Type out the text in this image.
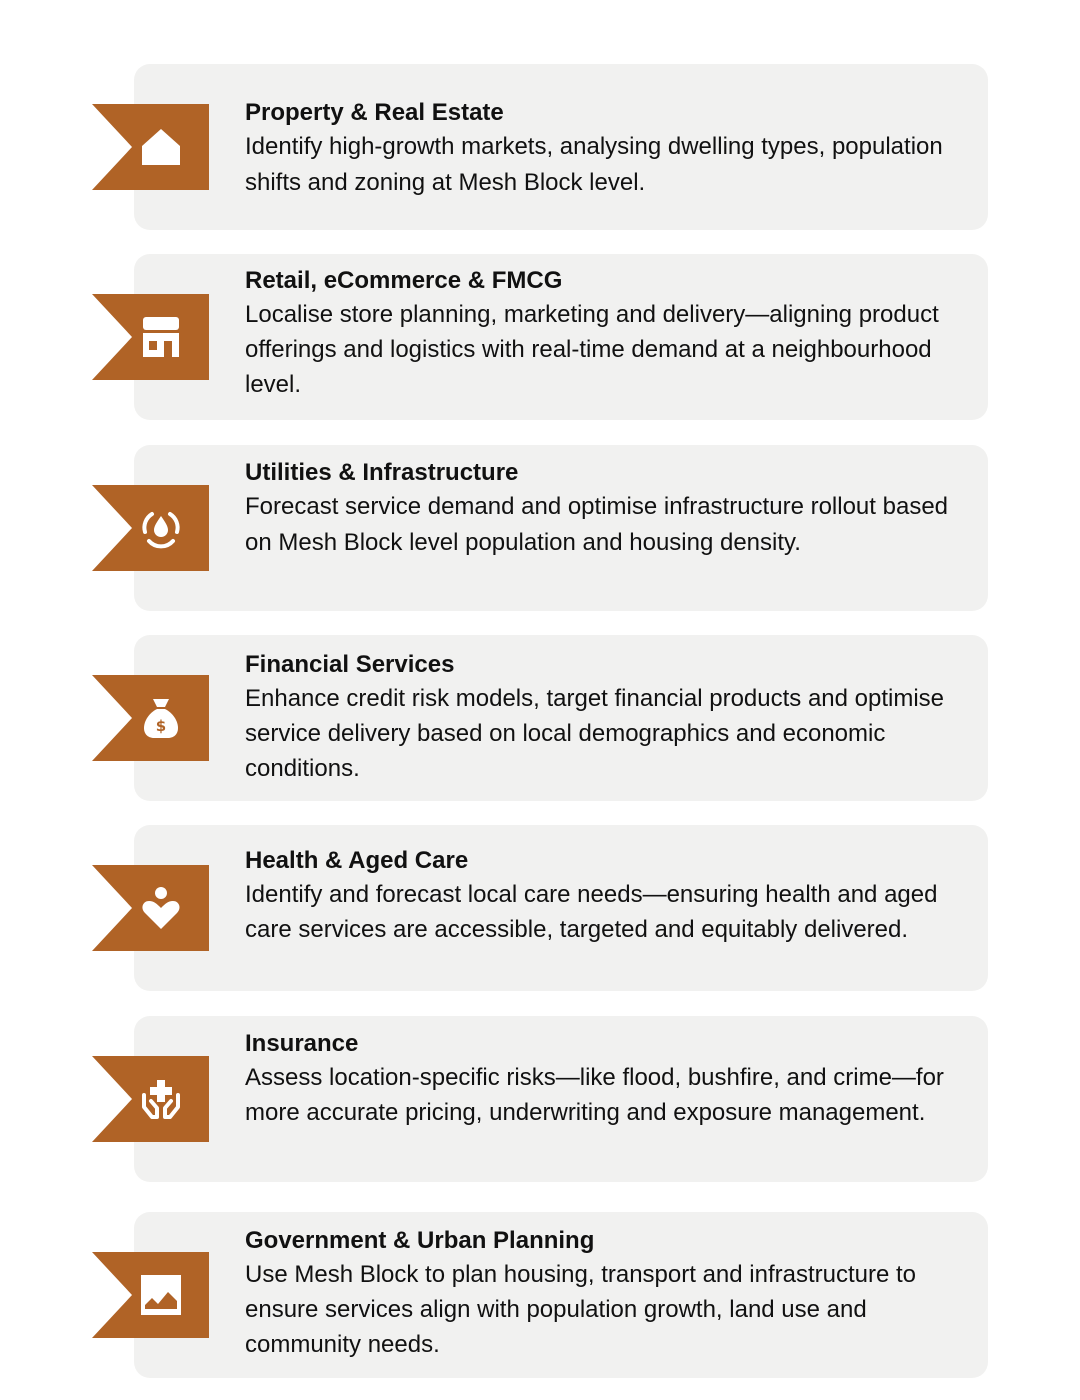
Property & Real Estate

Identify high-growth markets, analysing dwelling types, population shifts and zoning at Mesh Block level.

Retail, eCommerce & FMCG

Localise store planning, marketing and delivery—aligning product offerings and logistics with real-time demand at a neighbourhood level.

Utilities & Infrastructure

Forecast service demand and optimise infrastructure rollout based on Mesh Block level population and housing density.

Financial Services

Enhance credit risk models, target financial products and optimise service delivery based on local demographics and economic conditions.

$
Health & Aged Care

Identify and forecast local care needs—ensuring health and aged care services are accessible, targeted and equitably delivered.

Insurance

Assess location-specific risks—like flood, bushfire, and crime—for more accurate pricing, underwriting and exposure management.

Government & Urban Planning

Use Mesh Block to plan housing, transport and infrastructure to ensure services align with population growth, land use and community needs.
